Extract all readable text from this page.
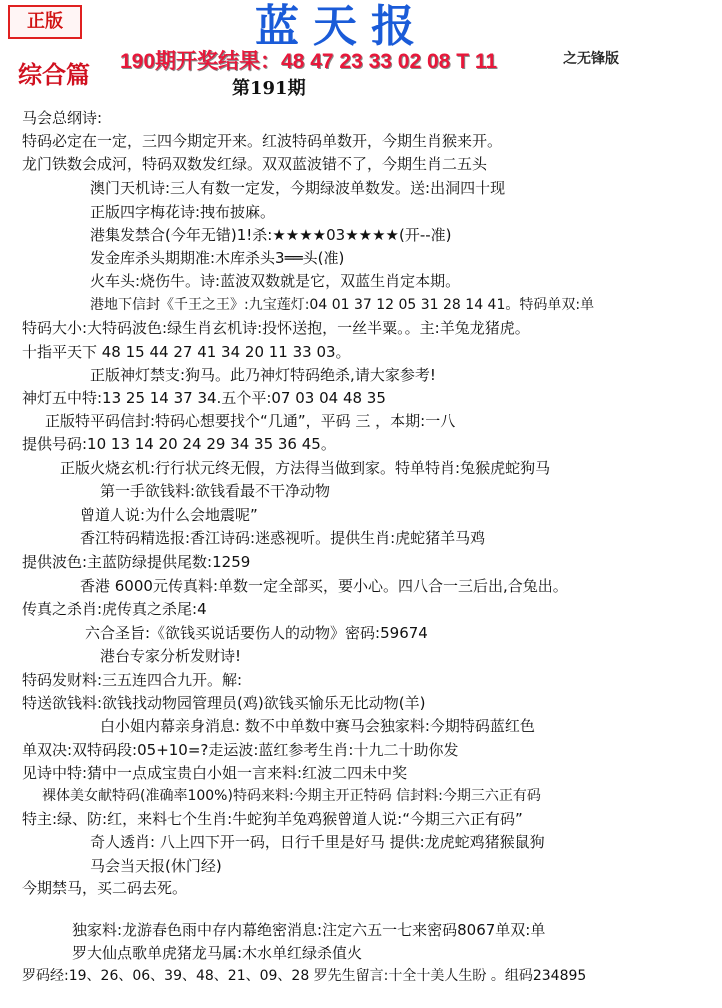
正版	蓝天报
190期开奖结果：48 47 23 33 02 08 T 11	之无锋版
综合篇	第191期
马会总纲诗:
特码必定在一定，三四今期定开来。红波特码单数开，今期生肖猴来开。
龙门铁数会成河，特码双数发红绿。双双蓝波错不了，今期生肖二五头
澳门天机诗:三人有数一定发，今期绿波单数发。送:出洞四十现
正版四字梅花诗:拽布披麻。
港集发禁合(今年无错)1!杀:★★★★03★★★★(开--准)
发金库杀头期期准:木库杀头3══头(准)
火车头:烧伤牛。诗:蓝波双数就是它，双蓝生肖定本期。
港地下信封《千王之王》:九宝莲灯:04 01 37 12 05 31 28 14 41。特码单双:单
特码大小:大特码波色:绿生肖玄机诗:投怀送抱，一丝半粟。。主:羊兔龙猪虎。
十指平天下 48 15 44 27 41 34 20 11 33 03。
正版神灯禁支:狗马。此乃神灯特码绝杀,请大家参考!
神灯五中特:13 25 14 37 34.五个平:07 03 04 48 35
正版特平码信封:特码心想要找个“几通”，平码 三 ，本期:一八
提供号码:10 13 14 20 24 29 34 35 36 45。
正版火烧玄机:行行状元终无假，方法得当做到家。特单特肖:兔猴虎蛇狗马
第一手欲钱料:欲钱看最不干净动物
曾道人说:为什么会地震呢”
香江特码精选报:香江诗码:迷惑视听。提供生肖:虎蛇猪羊马鸡
提供波色:主蓝防绿提供尾数:1259
香港 6000元传真料:单数一定全部买，要小心。四八合一三后出,合兔出。
传真之杀肖:虎传真之杀尾:4
六合圣旨:《欲钱买说话要伤人的动物》密码:59674
港台专家分析发财诗!
特码发财料:三五连四合九开。解:
特送欲钱料:欲钱找动物园管理员(鸡)欲钱买愉乐无比动物(羊)
白小姐内幕亲身消息: 数不中单数中赛马会独家料:今期特码蓝红色
单双决:双特码段:05+10=?走运波:蓝红参考生肖:十九二十助你发
见诗中特:猜中一点成宝贵白小姐一言来料:红波二四未中奖
裸体美女献特码(准确率100%)特码来料:今期主开正特码 信封料:今期三六正有码
特主:绿、防:红，来料七个生肖:牛蛇狗羊兔鸡猴曾道人说:“今期三六正有码”
奇人透肖: 八上四下开一码，日行千里是好马 提供:龙虎蛇鸡猪猴鼠狗
马会当天报(休门经)
今期禁马，买二码去死。
独家料:龙游春色雨中存内幕绝密消息:注定六五一七来密码8067单双:单
罗大仙点歌单虎猪龙马属:木水单红绿杀值火
罗码经:19、26、06、39、48、21、09、28 罗先生留言:十全十美人生盼 。组码234895
